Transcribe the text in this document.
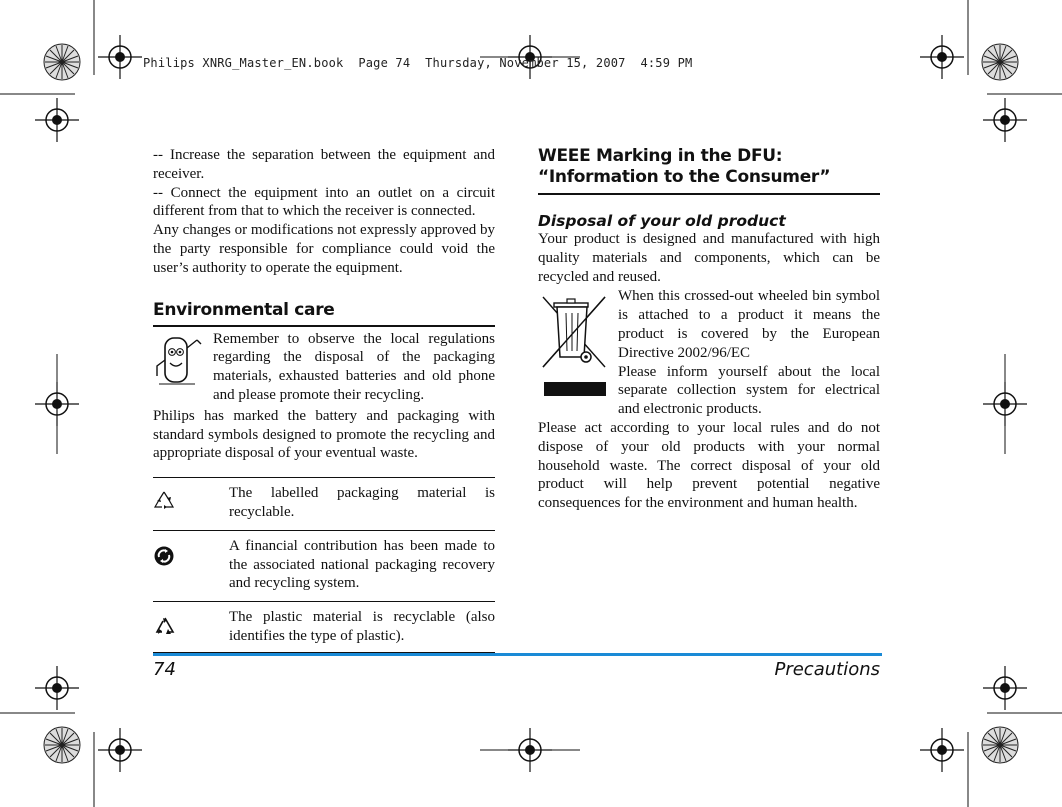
Philips XNRG_Master_EN.book  Page 74  Thursday, November 15, 2007  4:59 PM
-- Increase the separation between the equipment and receiver.
-- Connect the equipment into an outlet on a circuit different from that to which the receiver is connected.
Any changes or modifications not expressly approved by the party responsible for compliance could void the user’s authority to operate the equipment.
Environmental care
Remember to observe the local regulations regarding the disposal of the packaging materials, exhausted batteries and old phone and please promote their recycling.
Philips has marked the battery and packaging with standard symbols designed to promote the recycling and appropriate disposal of your eventual waste.
The labelled packaging material is recyclable.
A financial contribution has been made to the associated national packaging recovery and recycling system.
The plastic material is recyclable (also identifies the type of plastic).
WEEE Marking in the DFU: “Information to the Consumer”
Disposal of your old product
Your product is designed and manufactured with high quality materials and components, which can be recycled and reused.
When this crossed-out wheeled bin symbol is attached to a product it means the product is covered by the European Directive 2002/96/EC
Please inform yourself about the local separate collection system for electrical and electronic products.
Please act according to your local rules and do not dispose of your old products with your normal household waste. The correct disposal of your old product will help prevent potential negative consequences for the environment and human health.
74	Precautions
